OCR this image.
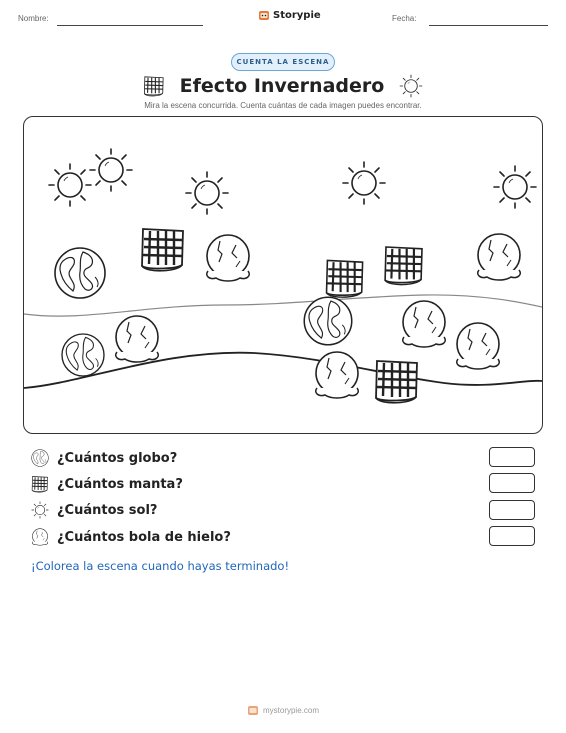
Nombre:	Storypie	Fecha:
CUENTA LA ESCENA
Efecto Invernadero
Mira la escena concurrida. Cuenta cuántas de cada imagen puedes encontrar.
¿Cuántos globo?
¿Cuántos manta?
¿Cuántos sol?
¿Cuántos bola de hielo?
¡Colorea la escena cuando hayas terminado!
mystorypie.com
